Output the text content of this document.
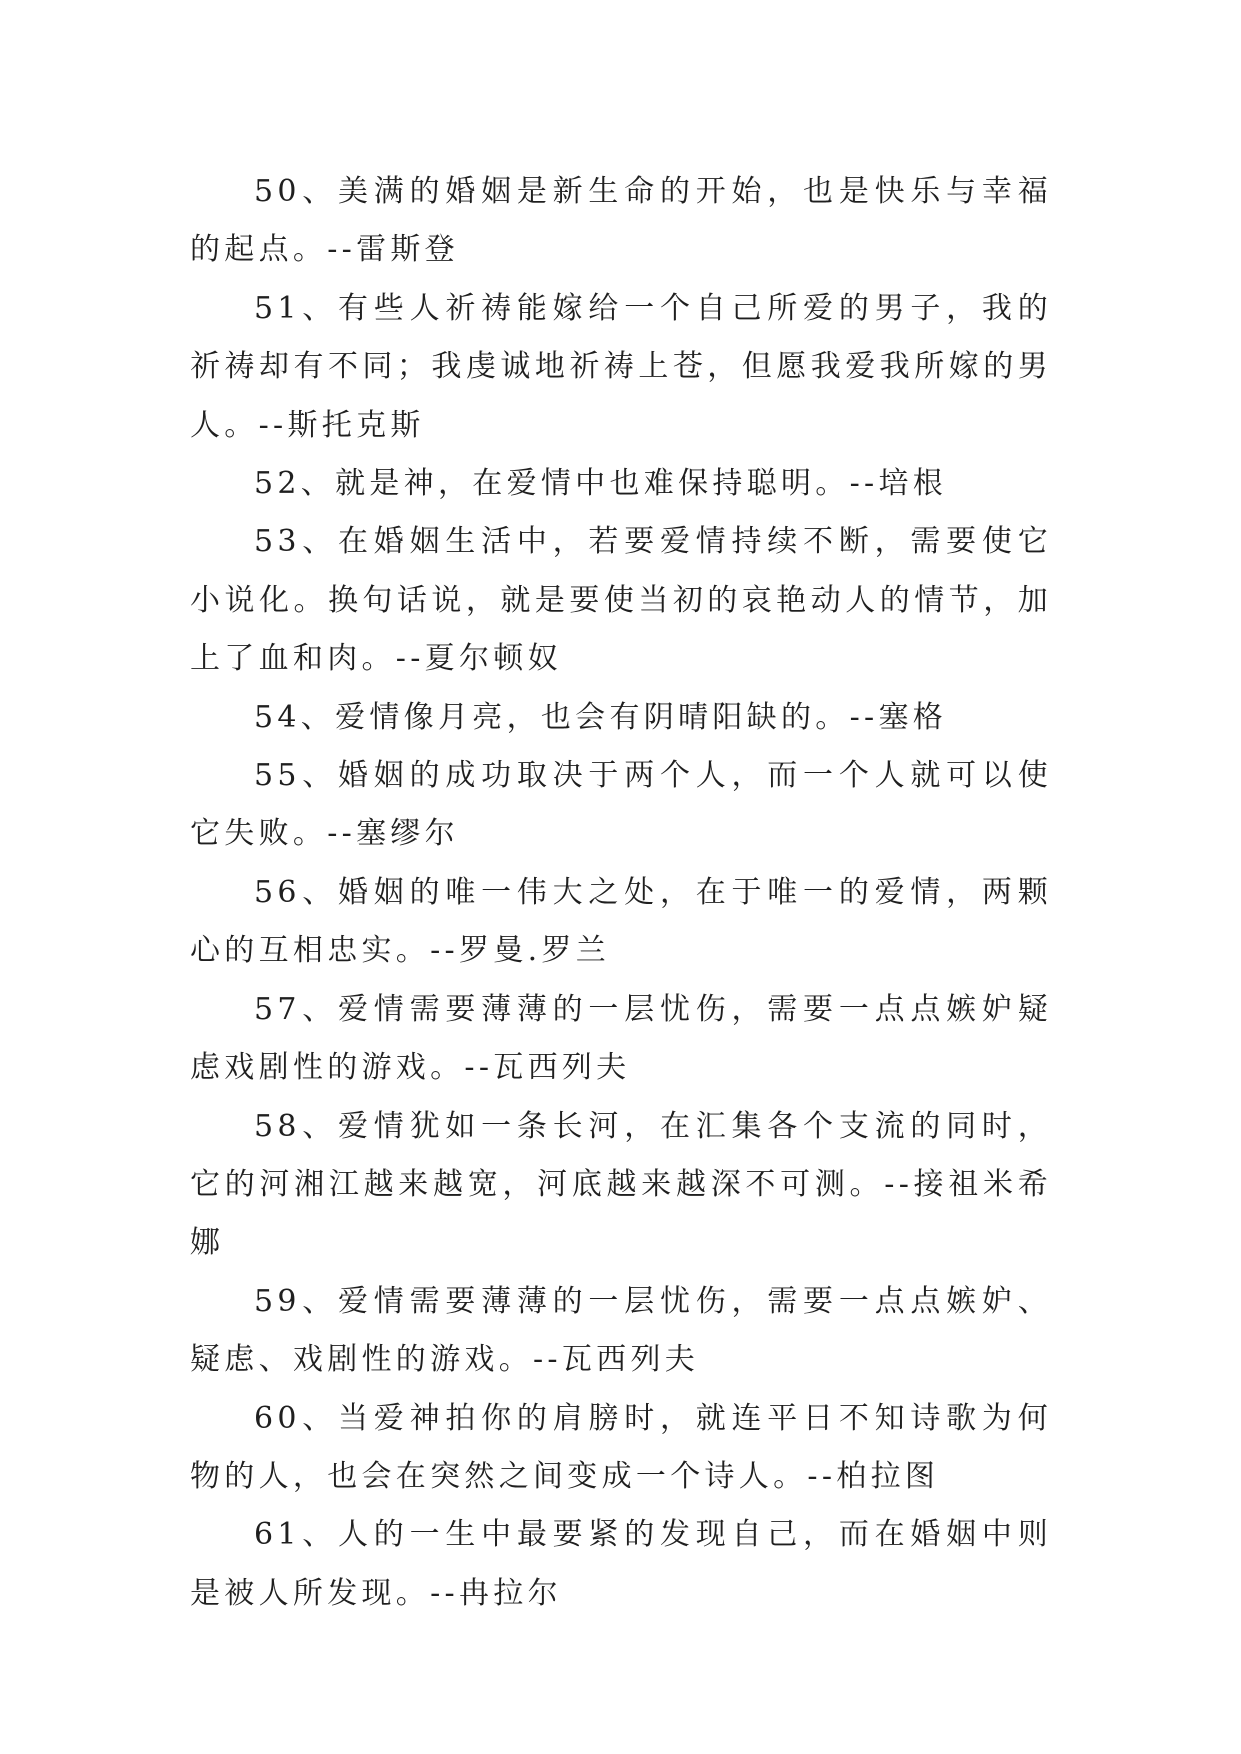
50、美满的婚姻是新生命的开始，也是快乐与幸福的起点。--雷斯登

51、有些人祈祷能嫁给一个自己所爱的男子，我的祈祷却有不同；我虔诚地祈祷上苍，但愿我爱我所嫁的男人。--斯托克斯

52、就是神，在爱情中也难保持聪明。--培根

53、在婚姻生活中，若要爱情持续不断，需要使它小说化。换句话说，就是要使当初的哀艳动人的情节，加上了血和肉。--夏尔顿奴

54、爱情像月亮，也会有阴晴阳缺的。--塞格

55、婚姻的成功取决于两个人，而一个人就可以使它失败。--塞缪尔

56、婚姻的唯一伟大之处，在于唯一的爱情，两颗心的互相忠实。--罗曼.罗兰

57、爱情需要薄薄的一层忧伤，需要一点点嫉妒疑虑戏剧性的游戏。--瓦西列夫

58、爱情犹如一条长河，在汇集各个支流的同时，它的河湘江越来越宽，河底越来越深不可测。--接祖米希娜

59、爱情需要薄薄的一层忧伤，需要一点点嫉妒、疑虑、戏剧性的游戏。--瓦西列夫

60、当爱神拍你的肩膀时，就连平日不知诗歌为何物的人，也会在突然之间变成一个诗人。--柏拉图

61、人的一生中最要紧的发现自己，而在婚姻中则是被人所发现。--冉拉尔
